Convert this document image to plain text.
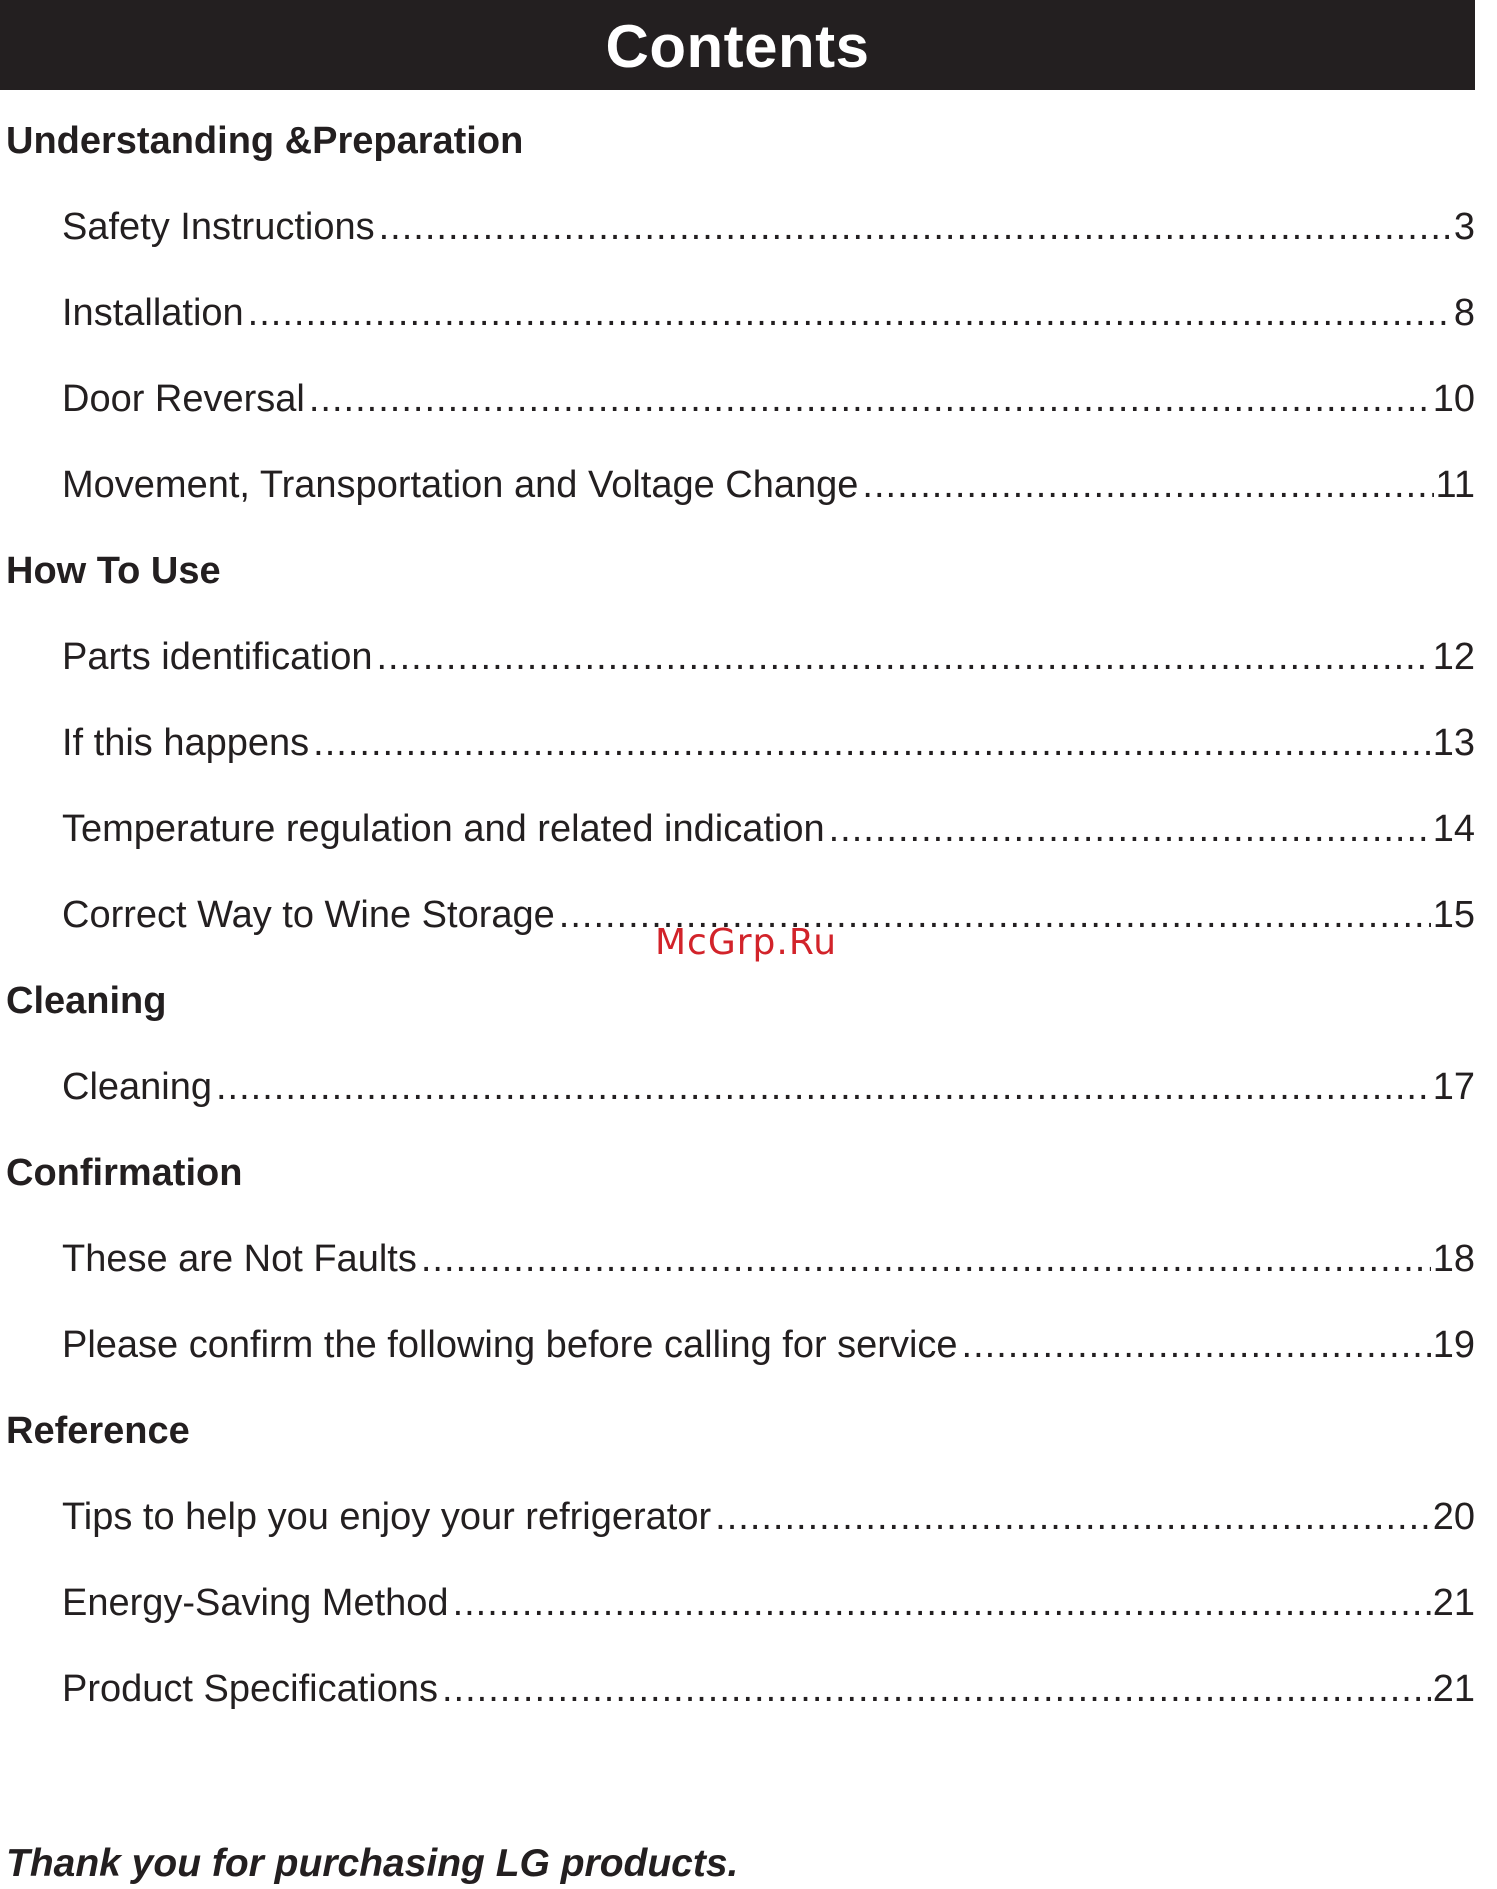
Contents
Understanding &Preparation
Safety Instructions .....	3
Installation .....	8
Door Reversal .....	10
Movement, Transportation and Voltage Change .....	11
How To Use
Parts identification .....	12
If this happens .....	13
Temperature regulation and related indication .....	14
Correct Way to Wine Storage .....	15
Cleaning
Cleaning .....	17
Confirmation
These are Not Faults .....	18
Please confirm the following before calling for service .....	19
Reference
Tips to help you enjoy your refrigerator .....	20
Energy-Saving Method .....	21
Product Specifications .....	21
McGrp.Ru

Thank you for purchasing LG products.
